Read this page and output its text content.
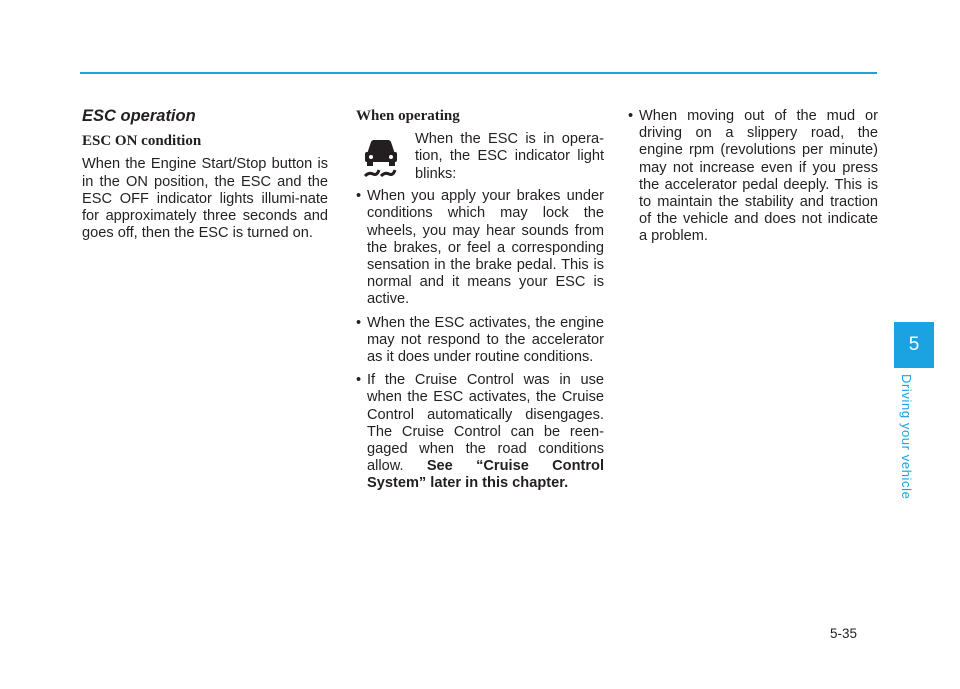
ESC operation
ESC ON condition

When the Engine Start/Stop button is in the ON position, the ESC and the ESC OFF indicator lights illumi-nate for approximately three seconds and goes off, then the ESC is turned on.

When operating
When the ESC is in opera-tion, the ESC indicator light blinks:
• When you apply your brakes under conditions which may lock the wheels, you may hear sounds from the brakes, or feel a corresponding sensation in the brake pedal. This is normal and it means your ESC is active.
• When the ESC activates, the engine may not respond to the accelerator as it does under routine conditions.
• If the Cruise Control was in use when the ESC activates, the Cruise Control automatically disengages. The Cruise Control can be reen-gaged when the road conditions allow. See “Cruise Control System” later in this chapter.
• When moving out of the mud or driving on a slippery road, the engine rpm (revolutions per minute) may not increase even if you press the accelerator pedal deeply. This is to maintain the stability and traction of the vehicle and does not indicate a problem.
5
Driving your vehicle
5-35
